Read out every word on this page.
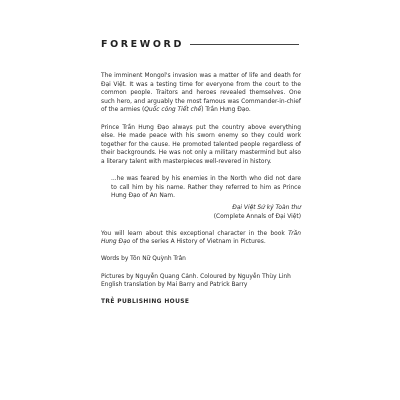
FOREWORD

The imminent Mongol's invasion was a matter of life and death for Đại Việt. It was a testing time for everyone from the court to the common people. Traitors and heroes revealed themselves. One such hero, and arguably the most famous was Commander-in-chief of the armies (Quốc công Tiết chế) Trần Hưng Đạo.

Prince Trần Hưng Đạo always put the country above everything else. He made peace with his sworn enemy so they could work together for the cause. He promoted talented people regardless of their backgrounds. He was not only a military mastermind but also a literary talent with masterpieces well-revered in history.

...he was feared by his enemies in the North who did not dare to call him by his name. Rather they referred to him as Prince Hưng Đạo of An Nam.
Đại Việt Sử ký Toàn thư
(Complete Annals of Đại Việt)

You will learn about this exceptional character in the book Trần Hưng Đạo of the series A History of Vietnam in Pictures.

Words by Tôn Nữ Quỳnh Trân
Pictures by Nguyễn Quang Cảnh. Coloured by Nguyễn Thùy Linh
English translation by Mai Barry and Patrick Barry

TRẺ PUBLISHING HOUSE
